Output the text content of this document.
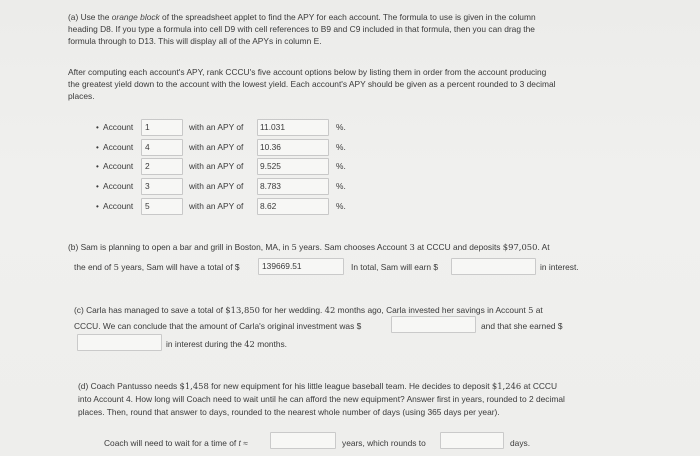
(a) Use the orange block of the spreadsheet applet to find the APY for each account. The formula to use is given in the column
heading D8. If you type a formula into cell D9 with cell references to B9 and C9 included in that formula, then you can drag the
formula through to D13. This will display all of the APYs in column E.
After computing each account's APY, rank CCCU's five account options below by listing them in order from the account producing
the greatest yield down to the account with the lowest yield. Each account's APY should be given as a percent rounded to 3 decimal
places.
• Account	1	with an APY of	11.031	%.
• Account	4	with an APY of	10.36	%.
• Account	2	with an APY of	9.525	%.
• Account	3	with an APY of	8.783	%.
• Account	5	with an APY of	8.62	%.
(b) Sam is planning to open a bar and grill in Boston, MA, in 5 years. Sam chooses Account 3 at CCCU and deposits $97,050. At
the end of 5 years, Sam will have a total of $	139669.51	In total, Sam will earn $	in interest.
(c) Carla has managed to save a total of $13,850 for her wedding. 42 months ago, Carla invested her savings in Account 5 at
CCCU. We can conclude that the amount of Carla's original investment was $	and that she earned $
in interest during the 42 months.
(d) Coach Pantusso needs $1,458 for new equipment for his little league baseball team. He decides to deposit $1,246 at CCCU
into Account 4. How long will Coach need to wait until he can afford the new equipment? Answer first in years, rounded to 2 decimal
places. Then, round that answer to days, rounded to the nearest whole number of days (using 365 days per year).
Coach will need to wait for a time of t ≈	years, which rounds to	days.
